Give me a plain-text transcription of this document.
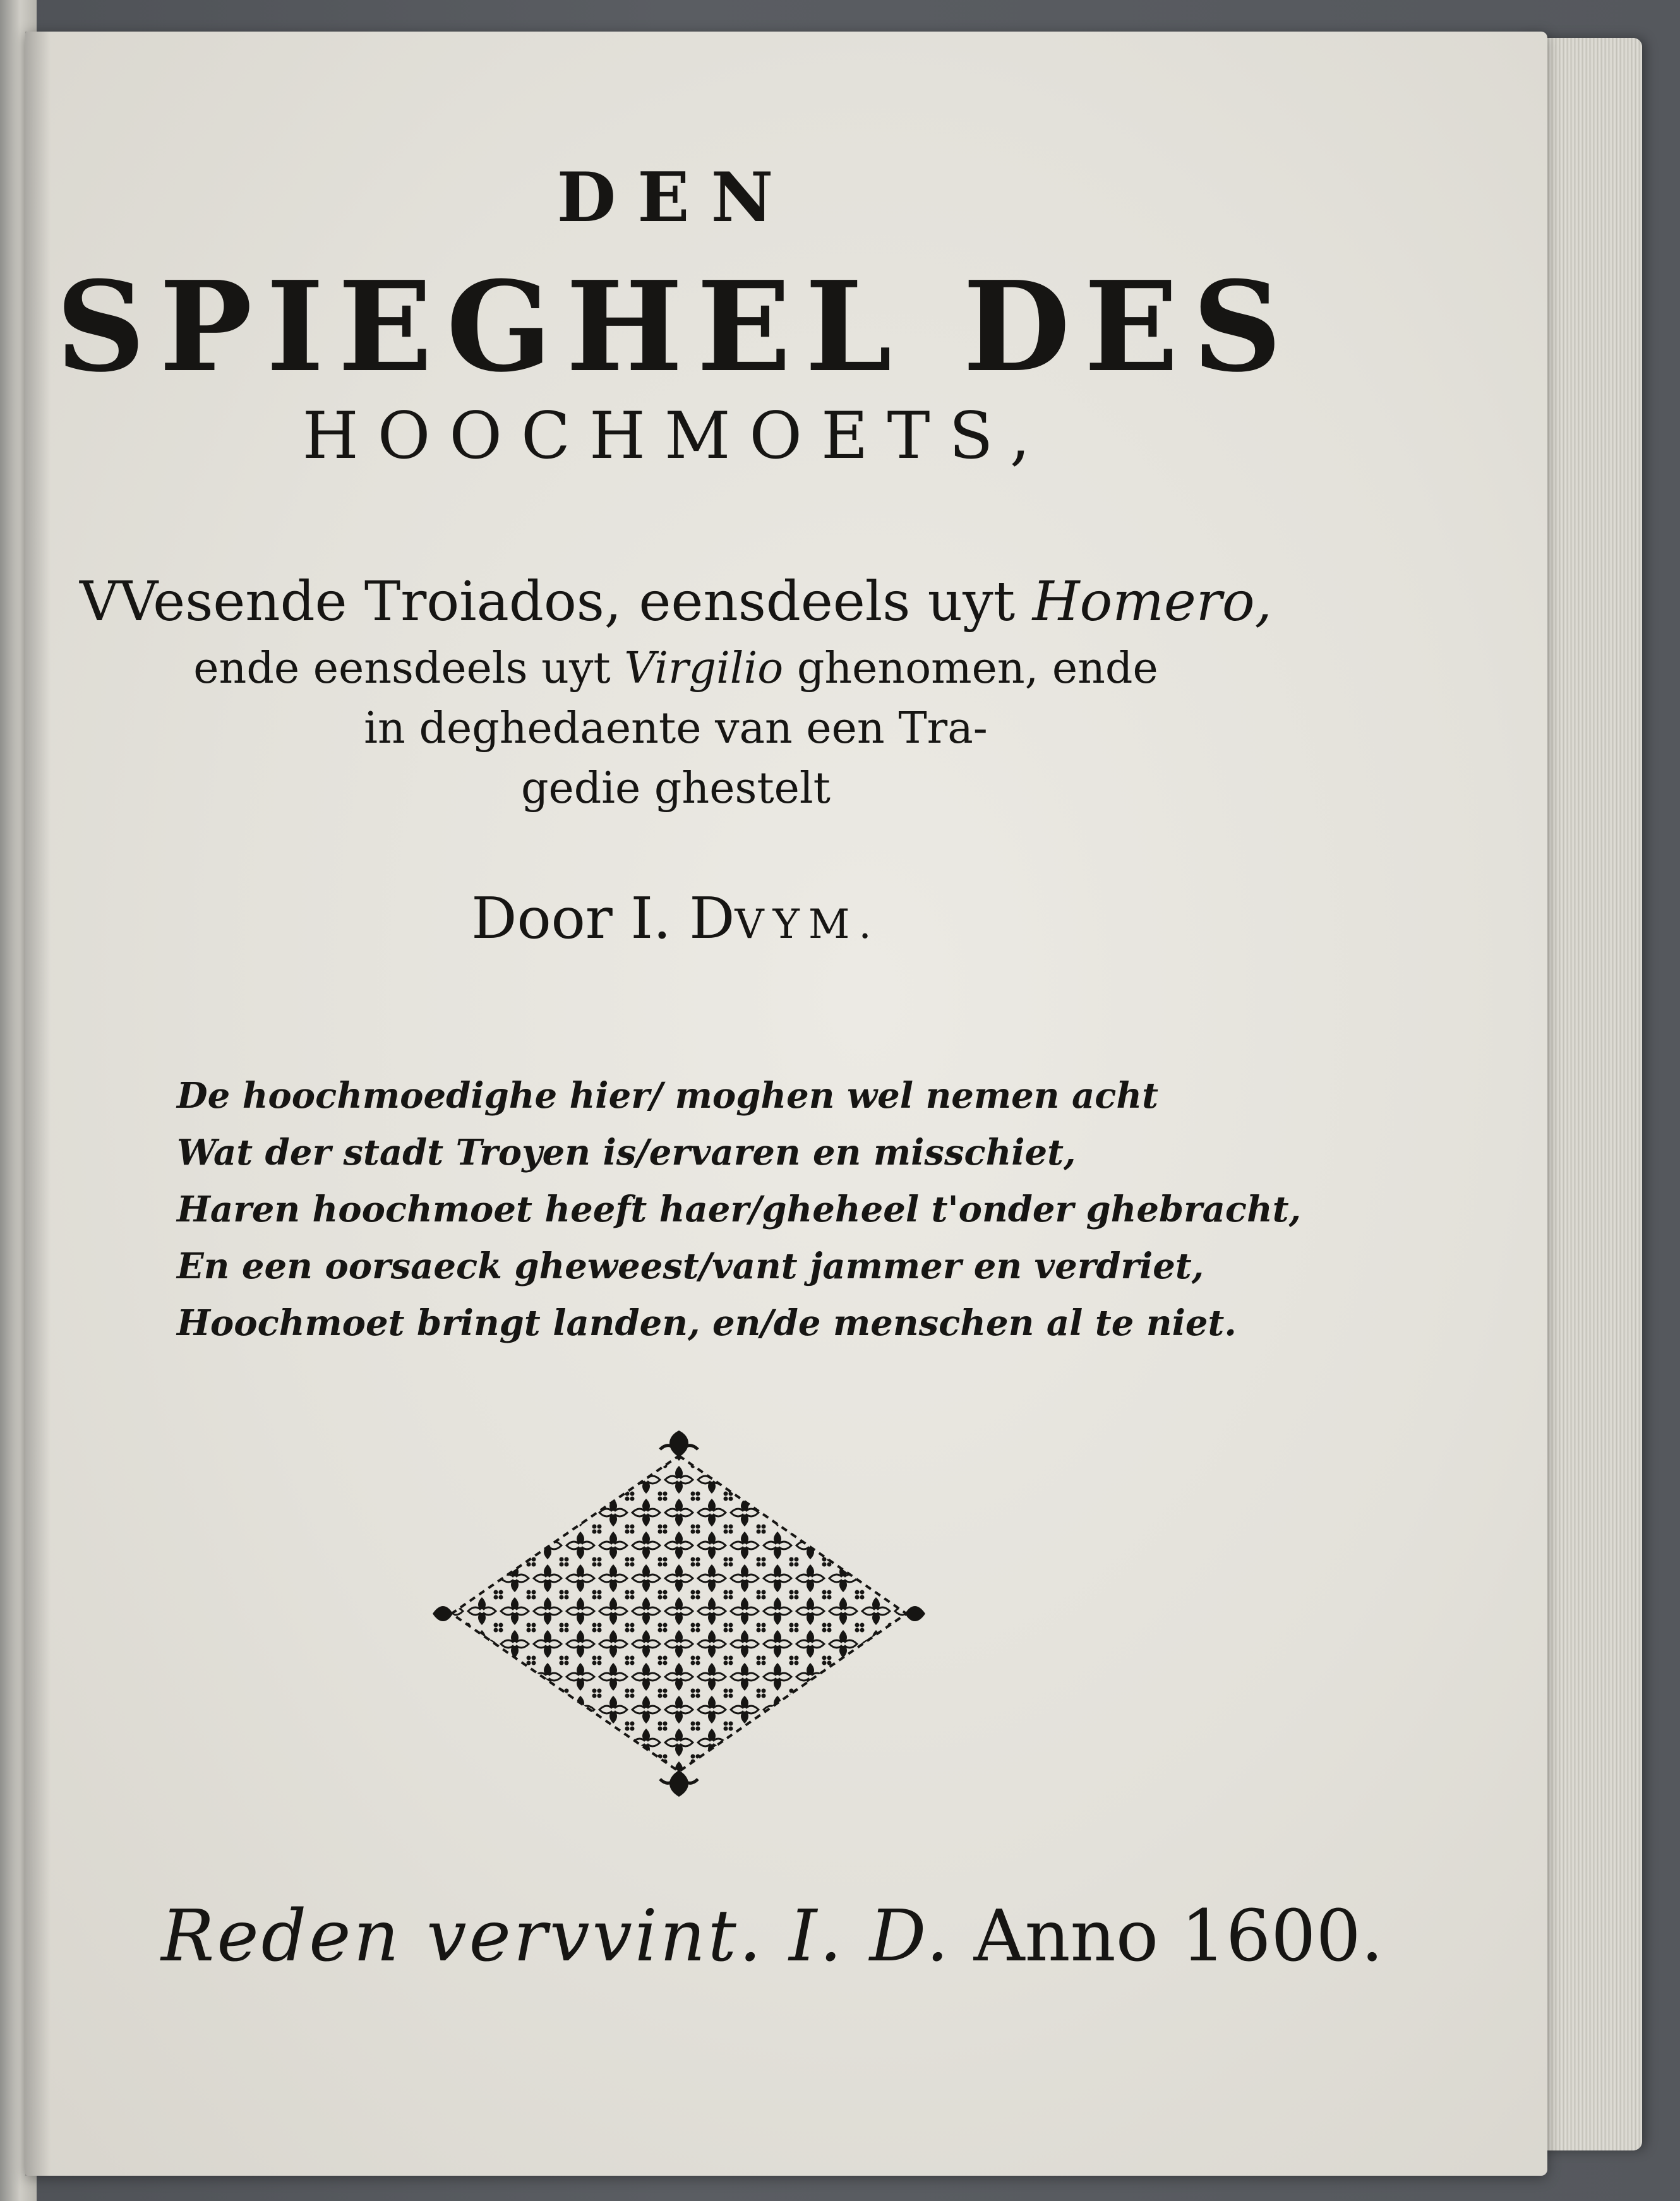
DEN
SPIEGHEL DES
HOOCHMOETS,
VVesende Troiados, eensdeels uyt Homero,
ende eensdeels uyt Virgilio ghenomen, ende
in deghedaente van een Tra-
gedie ghestelt
Door I. DVYM.
De hoochmoedighe hier/ moghen wel nemen acht
Wat der stadt Troyen is/ervaren en misschiet,
Haren hoochmoet heeft haer/gheheel t'onder ghebracht,
En een oorsaeck gheweest/vant jammer en verdriet,
Hoochmoet bringt landen, en/de menschen al te niet.
Reden vervvint. I. D. Anno 1600.
